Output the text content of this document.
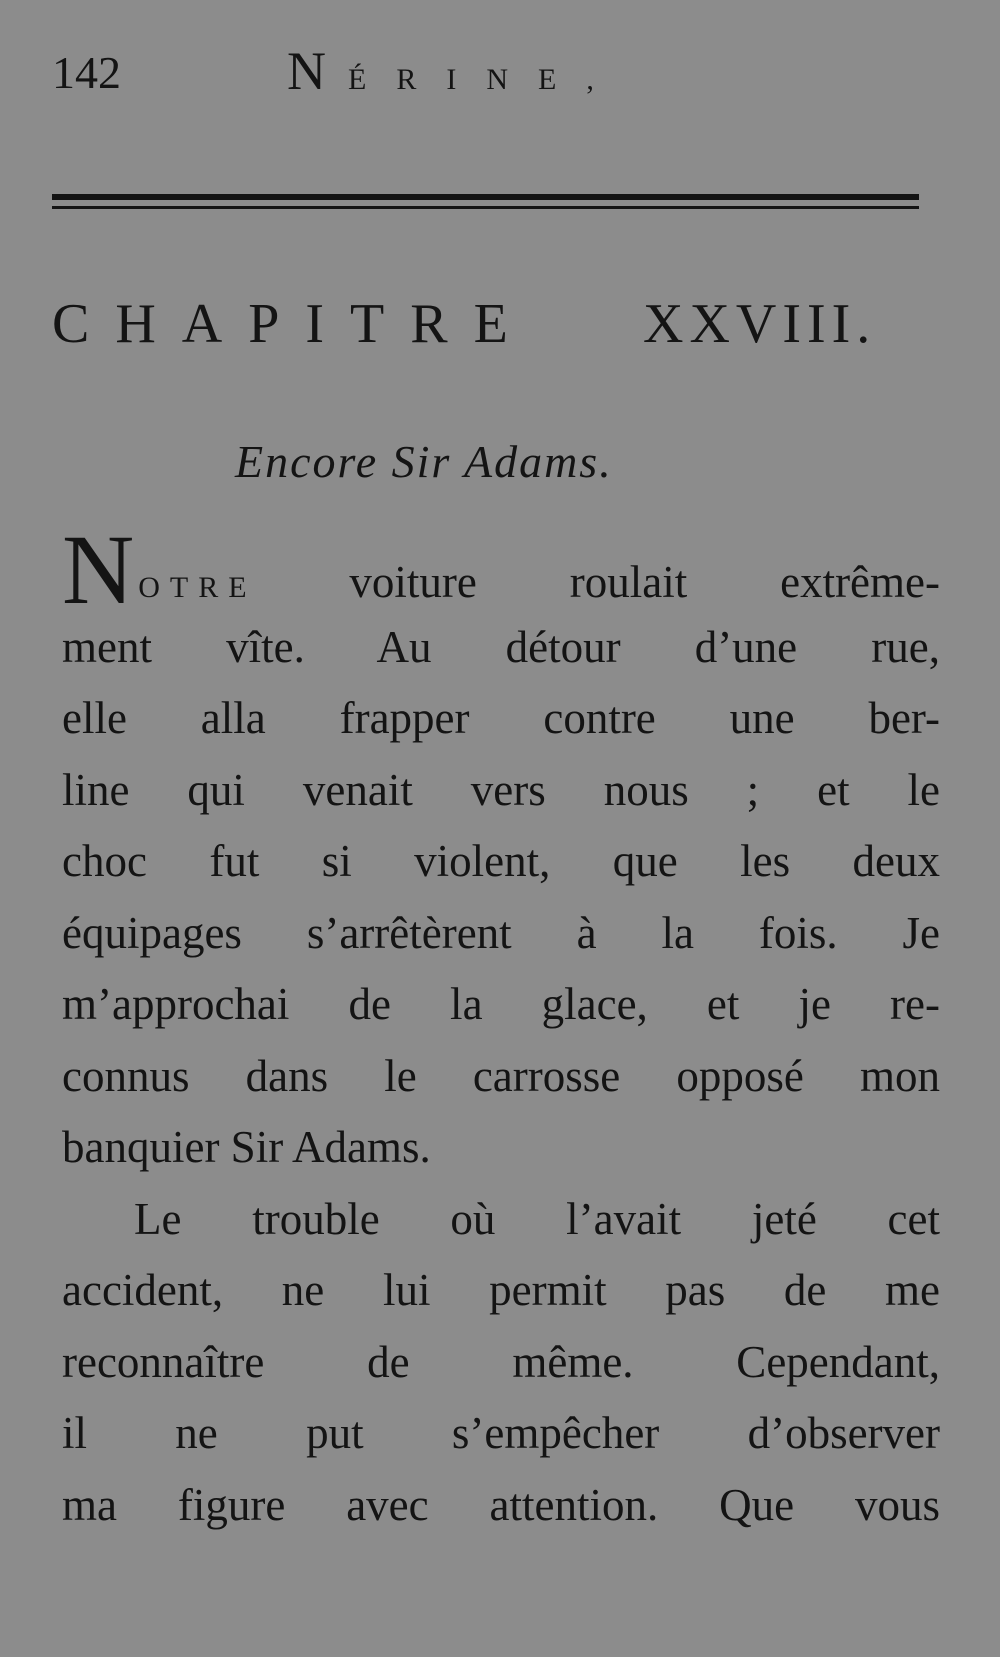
142	NÉRINE,
CHAPITRE	XXVIII.
Encore Sir Adams.
NOTRE voiture roulait extrême-
ment vîte. Au détour d’une rue,
elle alla frapper contre une ber-
line qui venait vers nous ; et le
choc fut si violent, que les deux
équipages s’arrêtèrent à la fois. Je
m’approchai de la glace, et je re-
connus dans le carrosse opposé mon
banquier Sir Adams.
Le trouble où l’avait jeté cet
accident, ne lui permit pas de me
reconnaître de même. Cependant,
il ne put s’empêcher d’observer
ma figure avec attention. Que vous
